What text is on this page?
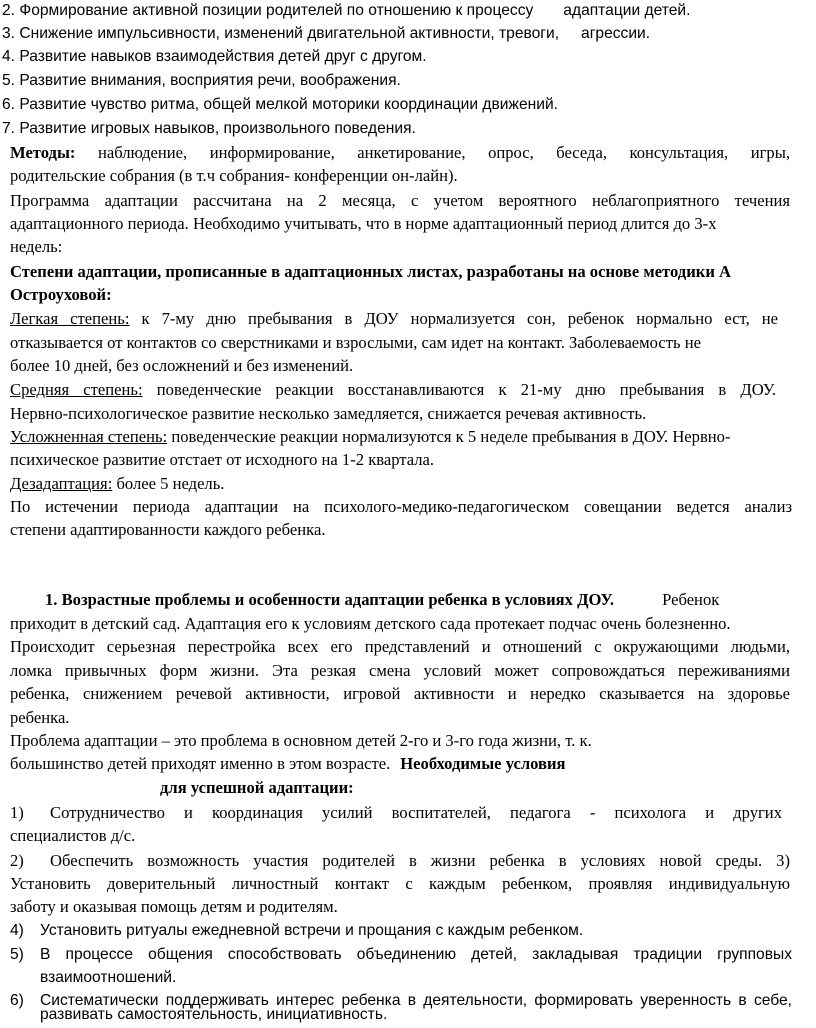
2. Формирование активной позиции родителей по отношению к процессу адаптации детей.
3. Снижение импульсивности, изменений двигательной активности, тревоги, агрессии.
4. Развитие навыков взаимодействия детей друг с другом.
5. Развитие внимания, восприятия речи, воображения.
6. Развитие чувство ритма, общей мелкой моторики координации движений.
7. Развитие игровых навыков, произвольного поведения.
Методы: наблюдение, информирование, анкетирование, опрос, беседа, консультация, игры,
родительские собрания (в т.ч собрания- конференции он-лайн).
Программа адаптации рассчитана на 2 месяца, с учетом вероятного неблагоприятного течения
адаптационного периода. Необходимо учитывать, что в норме адаптационный период длится до 3-х
недель:
Степени адаптации, прописанные в адаптационных листах, разработаны на основе методики А
Остроуховой:
Легкая степень: к 7-му дню пребывания в ДОУ нормализуется сон, ребенок нормально ест, не
отказывается от контактов со сверстниками и взрослыми, сам идет на контакт. Заболеваемость не
более 10 дней, без осложнений и без изменений.
Средняя степень: поведенческие реакции восстанавливаются к 21-му дню пребывания в ДОУ.
Нервно-психологическое развитие несколько замедляется, снижается речевая активность.
Усложненная степень: поведенческие реакции нормализуются к 5 неделе пребывания в ДОУ. Нервно-
психическое развитие отстает от исходного на 1-2 квартала.
Дезадаптация: более 5 недель.
По истечении периода адаптации на психолого-медико-педагогическом совещании ведется анализ
степени адаптированности каждого ребенка.
1. Возрастные проблемы и особенности адаптации ребенка в условиях ДОУ.	Ребенок
приходит в детский сад. Адаптация его к условиям детского сада протекает подчас очень болезненно.
Происходит серьезная перестройка всех его представлений и отношений с окружающими людьми,
ломка привычных форм жизни. Эта резкая смена условий может сопровождаться переживаниями
ребенка, снижением речевой активности, игровой активности и нередко сказывается на здоровье
ребенка.
Проблема адаптации – это проблема в основном детей 2-го и 3-го года жизни, т. к.
большинство детей приходят именно в этом возрасте. Необходимые условия
для успешной адаптации:
1) Сотрудничество и координация усилий воспитателей, педагога - психолога и других
специалистов д/с.
2) Обеспечить возможность участия родителей в жизни ребенка в условиях новой среды. 3)
Установить доверительный личностный контакт с каждым ребенком, проявляя индивидуальную
заботу и оказывая помощь детям и родителям.
4) Установить ритуалы ежедневной встречи и прощания с каждым ребенком.
5) В процессе общения способствовать объединению детей, закладывая традиции групповых
взаимоотношений.
6) Систематически поддерживать интерес ребенка в деятельности, формировать уверенность в себе,
развивать самостоятельность, инициативность.
